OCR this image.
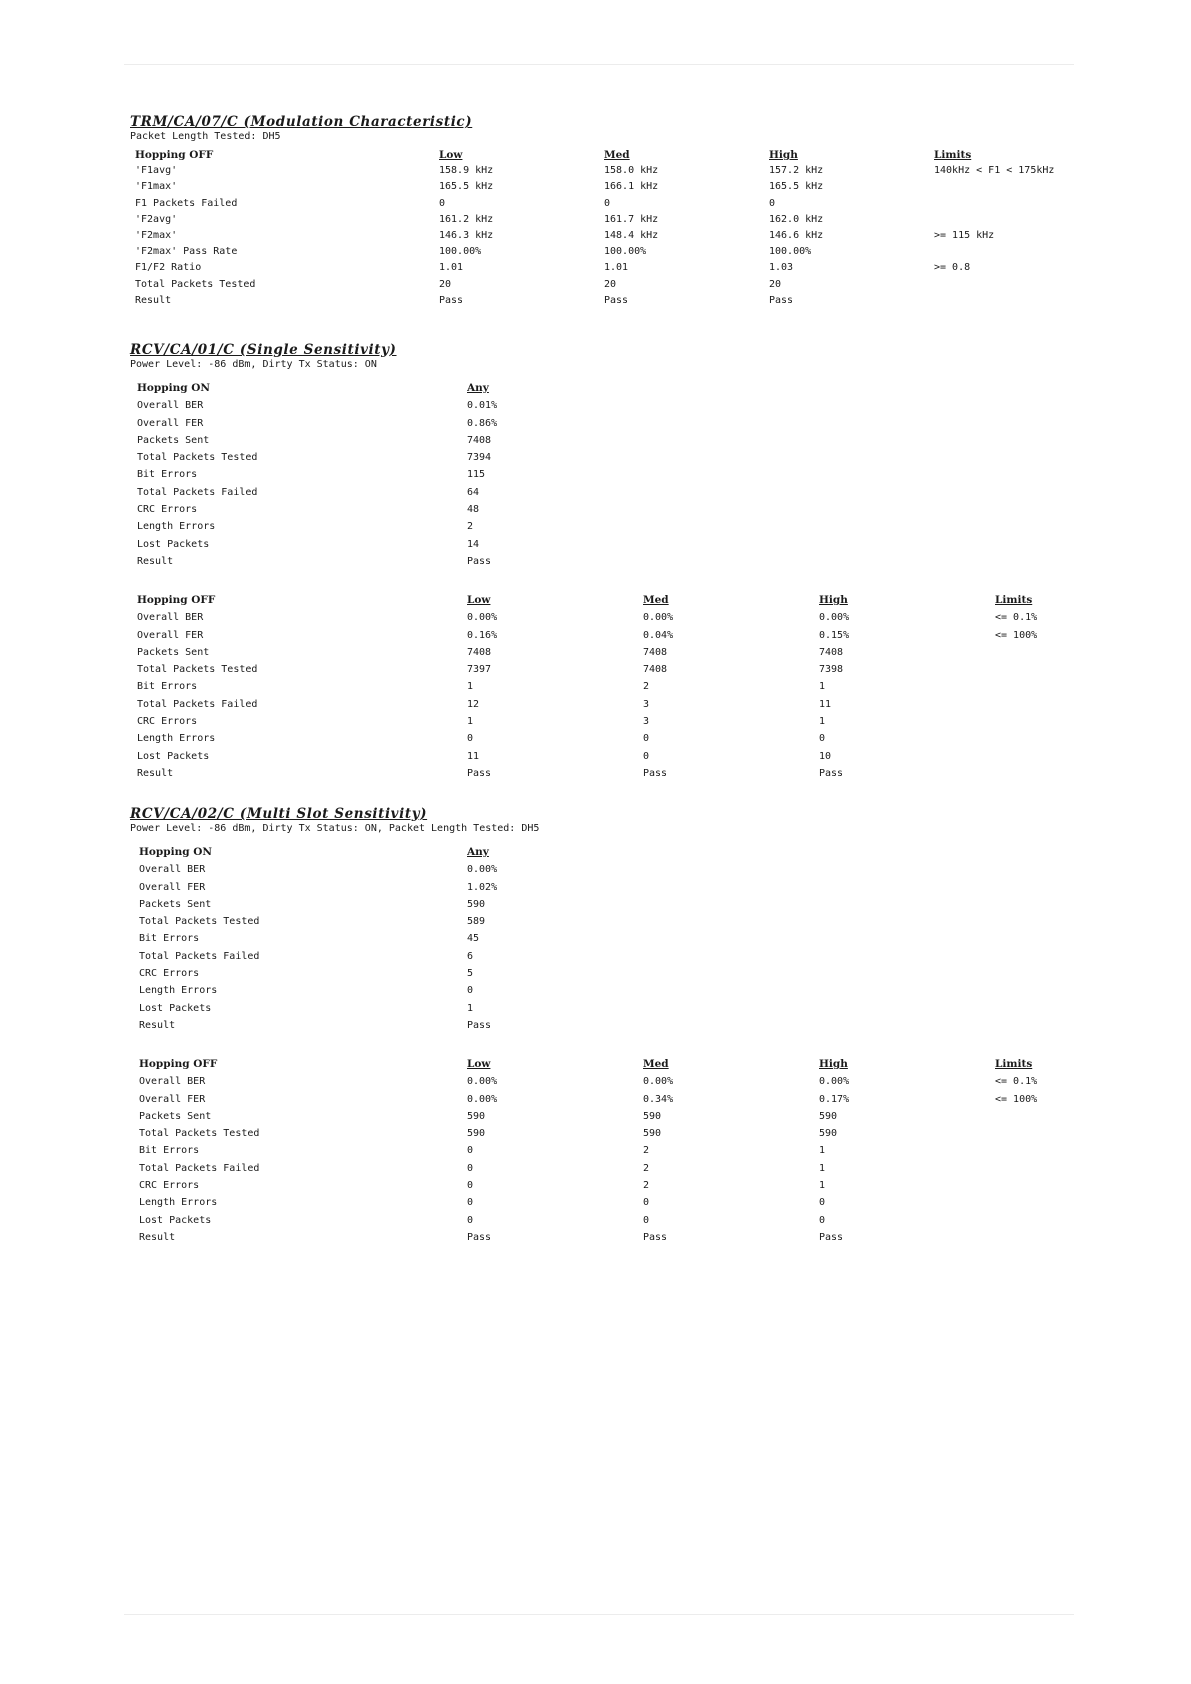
TRM/CA/07/C (Modulation Characteristic)
Packet Length Tested: DH5
Hopping OFF	Low	Med	High	Limits
'F1avg'	158.9 kHz	158.0 kHz	157.2 kHz	140kHz < F1 < 175kHz
'F1max'	165.5 kHz	166.1 kHz	165.5 kHz	
F1 Packets Failed	0	0	0	
'F2avg'	161.2 kHz	161.7 kHz	162.0 kHz	
'F2max'	146.3 kHz	148.4 kHz	146.6 kHz	>= 115 kHz
'F2max' Pass Rate	100.00%	100.00%	100.00%	
F1/F2 Ratio	1.01	1.01	1.03	>= 0.8
Total Packets Tested	20	20	20	
Result	Pass	Pass	Pass	
RCV/CA/01/C (Single Sensitivity)
Power Level: -86 dBm, Dirty Tx Status: ON
Hopping ON	Any	
Overall BER	0.01%	
Overall FER	0.86%	
Packets Sent	7408	
Total Packets Tested	7394	
Bit Errors	115	
Total Packets Failed	64	
CRC Errors	48	
Length Errors	2	
Lost Packets	14	
Result	Pass	
Hopping OFF	Low	Med	High	Limits
Overall BER	0.00%	0.00%	0.00%	<= 0.1%
Overall FER	0.16%	0.04%	0.15%	<= 100%
Packets Sent	7408	7408	7408	
Total Packets Tested	7397	7408	7398	
Bit Errors	1	2	1	
Total Packets Failed	12	3	11	
CRC Errors	1	3	1	
Length Errors	0	0	0	
Lost Packets	11	0	10	
Result	Pass	Pass	Pass	
RCV/CA/02/C (Multi Slot Sensitivity)
Power Level: -86 dBm, Dirty Tx Status: ON, Packet Length Tested: DH5
Hopping ON	Any	
Overall BER	0.00%	
Overall FER	1.02%	
Packets Sent	590	
Total Packets Tested	589	
Bit Errors	45	
Total Packets Failed	6	
CRC Errors	5	
Length Errors	0	
Lost Packets	1	
Result	Pass	
Hopping OFF	Low	Med	High	Limits
Overall BER	0.00%	0.00%	0.00%	<= 0.1%
Overall FER	0.00%	0.34%	0.17%	<= 100%
Packets Sent	590	590	590	
Total Packets Tested	590	590	590	
Bit Errors	0	2	1	
Total Packets Failed	0	2	1	
CRC Errors	0	2	1	
Length Errors	0	0	0	
Lost Packets	0	0	0	
Result	Pass	Pass	Pass	
